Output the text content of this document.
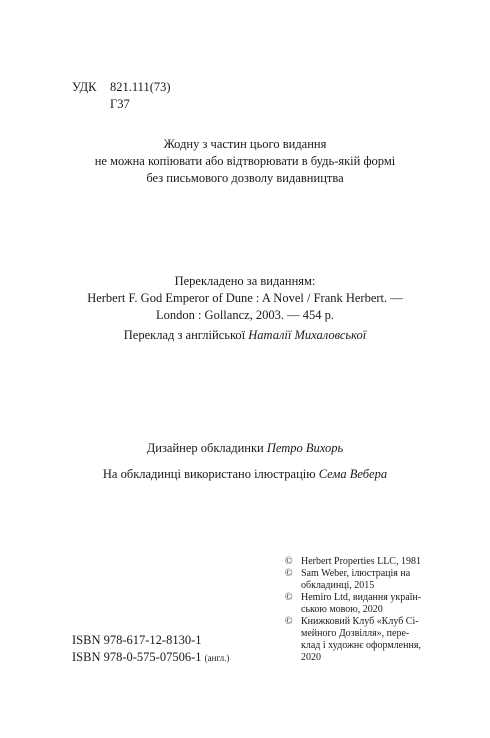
УДК 821.111(73)
Г37
Жодну з частин цього видання
не можна копіювати або відтворювати в будь-якій формі
без письмового дозволу видавництва
Перекладено за виданням:
Herbert F. God Emperor of Dune : A Novel / Frank Herbert. —
London : Gollancz, 2003. — 454 p.
Переклад з англійської Наталії Михаловської
Дизайнер обкладинки Петро Вихорь
На обкладинці використано ілюстрацію Сема Вебера
© Herbert Properties LLC, 1981
© Sam Weber, ілюстрація на
обкладинці, 2015
© Hemiro Ltd, видання україн-
ською мовою, 2020
© Книжковий Клуб «Клуб Сі-
мейного Дозвілля», пере-
клад і художнє оформлення,
2020
ISBN 978-617-12-8130-1
ISBN 978-0-575-07506-1 (англ.)
